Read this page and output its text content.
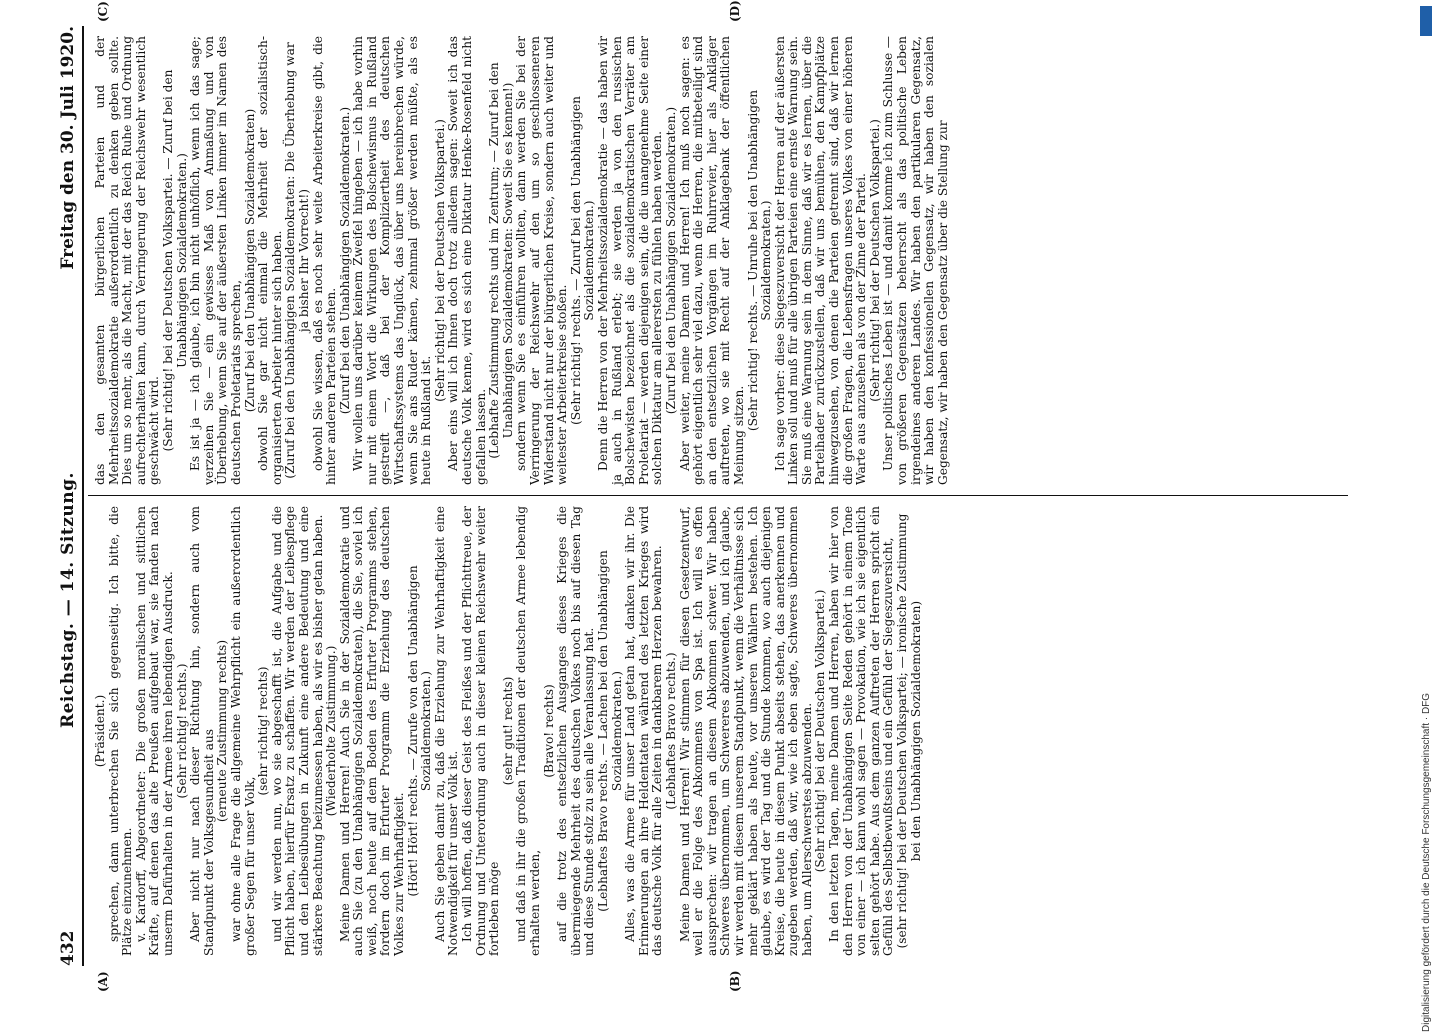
432
Reichstag. — 14. Sitzung.
Freitag den 30. Juli 1920.

(Präsident.) sprechen, dann unterbrechen Sie sich gegenseitig. Ich bitte, die Plätze einzunehmen. v. Kardorff, Abgeordneter: Die großen moralischen und sittlichen Kräfte, auf denen das alte Preußen aufgebaut war, sie fanden nach unserm Dafürhalten in der Armee ihren lebendigen Ausdruck. (Sehr richtig! rechts.) Aber nicht nur nach dieser Richtung hin, sondern auch vom Standpunkt der Volksgesundheit aus (erneute Zustimmung rechts) war ohne alle Frage die allgemeine Wehrpflicht ein außerordentlich großer Segen für unser Volk,

(sehr richtig! rechts) und wir werden nun, wo sie abgeschafft ist, die Aufgabe und die Pflicht haben, hierfür Ersatz zu schaffen. Wir werden der Leibespflege und den Leibesübungen in Zukunft eine andere Bedeutung und eine stärkere Beachtung beizumessen haben, als wir es bisher getan haben. (Wiederholte Zustimmung.) Meine Damen und Herren! Auch Sie in der Sozialdemokratie und auch Sie (zu den Unabhängigen Sozialdemokraten), die Sie, soviel ich weiß, noch heute auf dem Boden des Erfurter Programms stehen, fordern doch im Erfurter Programm die Erziehung des deutschen Volkes zur Wehrhaftigkeit. (Hört! Hört! rechts. — Zurufe von den Unabhängigen Sozialdemokraten.) Auch Sie geben damit zu, daß die Erziehung zur Wehrhaftigkeit eine Notwendigkeit für unser Volk ist. Ich will hoffen, daß dieser Geist des Fleißes und der Pflichttreue, der Ordnung und Unterordnung auch in dieser kleinen Reichswehr weiter fortleben möge

(sehr gut! rechts) und daß in ihr die großen Traditionen der deutschen Armee lebendig erhalten werden,

(Bravo! rechts) auf die trotz des entsetzlichen Ausganges dieses Krieges die übermiegende Mehrheit des deutschen Volkes noch bis auf diesen Tag und diese Stunde stolz zu sein alle Veranlassung hat. (Lebhaftes Bravo rechts. — Lachen bei den Unabhängigen Sozialdemokraten.) Alles, was die Armee für unser Land getan hat, danken wir ihr. Die Erinnerungen an ihre Heldentaten während des letzten Krieges wird das deutsche Volk für alle Zeiten in dankbarem Herzen bewahren. (Lebhaftes Bravo rechts.) Meine Damen und Herren! Wir stimmen für diesen Gesetzentwurf, weil er die Folge des Abkommens von Spa ist. Ich will es offen aussprechen: wir tragen an diesem Abkommen schwer. Wir haben Schweres übernommen, um Schwereres abzuwenden, und ich glaube, wir werden mit diesem unserem Standpunkt, wenn die Verhältnisse sich mehr geklärt haben als heute, vor unseren Wählern bestehen. Ich glaube, es wird der Tag und die Stunde kommen, wo auch diejenigen Kreise, die heute in diesem Punkt abseits stehen, das anerkennen und zugeben werden, daß wir, wie ich eben sagte, Schweres übernommen haben, um Allerschwerstes abzuwenden. (Sehr richtig! bei der Deutschen Volkspartei.) In den letzten Tagen, meine Damen und Herren, haben wir hier von den Herren von der Unabhängigen Seite Reden gehört in einem Tone von einer — ich kann wohl sagen — Provokation, wie ich sie eigentlich selten gehört habe. Aus dem ganzen Auftreten der Herren spricht ein Gefühl des Selbstbewußtseins und ein Gefühl der Siegeszuversicht, (sehr richtig! bei der Deutschen Volkspartei; — ironische Zustimmung bei den Unabhängigen Sozialdemokraten)

das den gesamten bürgerlichen Parteien und der Mehrheitssozialdemokratie außerordentlich zu denken geben sollte. Dies um so mehr, als die Macht, mit der das Reich Ruhe und Ordnung aufrechterhalten kann, durch Verringerung der Reichswehr wesentlich geschwächt wird. (Sehr richtig! bei der Deutschen Volkspartei. — Zuruf bei den Unabhängigen Sozialdemokraten.) Es ist ja — ich glaube, ich bin nicht unhöflich, wenn ich das sage; verzeihen Sie — ein gewisses Maß von Anmaßung und von Überhebung, wenn Sie auf der äußersten Linken immer im Namen des deutschen Proletariats sprechen, (Zuruf bei den Unabhängigen Sozialdemokraten) obwohl Sie gar nicht einmal die Mehrheit der sozialistisch-organisierten Arbeiter hinter sich haben. (Zuruf bei den Unabhängigen Sozialdemokraten: Die Überhebung war ja bisher Ihr Vorrecht!) obwohl Sie wissen, daß es noch sehr weite Arbeiterkreise gibt, die hinter anderen Parteien stehen. (Zuruf bei den Unabhängigen Sozialdemokraten.) Wir wollen uns darüber keinem Zweifel hingeben — ich habe vorhin nur mit einem Wort die Wirkungen des Bolschewismus in Rußland gestreift —, daß bei der Kompliziertheit des deutschen Wirtschaftssystems das Unglück, das über uns hereinbrechen würde, wenn Sie ans Ruder kämen, zehnmal größer werden müßte, als es heute in Rußland ist.

(Sehr richtig! bei der Deutschen Volkspartei.) Aber eins will ich Ihnen doch trotz alledem sagen: Soweit ich das deutsche Volk kenne, wird es sich eine Diktatur Henke-Rosenfeld nicht gefallen lassen. (Lebhafte Zustimmung rechts und im Zentrum; — Zuruf bei den Unabhängigen Sozialdemokraten: Soweit Sie es kennen!) sondern wenn Sie es einführen wollten, dann werden Sie bei der Verringerung der Reichswehr auf den um so geschlosseneren Widerstand nicht nur der bürgerlichen Kreise, sondern auch weiter und weitester Arbeiterkreise stoßen. (Sehr richtig! rechts. — Zuruf bei den Unabhängigen Sozialdemokraten.) Denn die Herren von der Mehrheitssozialdemokratie — das haben wir ja auch in Rußland erlebt; sie werden ja von den russischen Bolschewisten bezeichnet als die sozialdemokratischen Verräter am Proletariat — werden diejenigen sein, die die unangenehme Seite einer solchen Diktatur am allerersten zu fühlen haben werden. (Zuruf bei den Unabhängigen Sozialdemokraten.) Aber weiter, meine Damen und Herren! Ich muß noch sagen: es gehört eigentlich sehr viel dazu, wenn die Herren, die mitbeteiligt sind an den entsetzlichen Vorgängen im Ruhrrevier, hier als Ankläger auftreten, wo sie mit Recht auf der Anklagebank der öffentlichen Meinung sitzen.

(Sehr richtig! rechts. — Unruhe bei den Unabhängigen Sozialdemokraten.) Ich sage vorher: diese Siegeszuversicht der Herren auf der äußersten Linken soll und muß für alle übrigen Parteien eine ernste Warnung sein. Sie muß eine Warnung sein in dem Sinne, daß wir es lernen, über die Parteihader zurückzustellen, daß wir uns bemühen, den Kampfplätze hinwegzusehen, von denen die Parteien getrennt sind, daß wir lernen die großen Fragen, die Lebensfragen unseres Volkes von einer höheren Warte aus anzusehen als von der Zinne der Partei. (Sehr richtig! bei der Deutschen Volkspartei.) Unser politisches Leben ist — und damit komme ich zum Schlusse — von größeren Gegensätzen beherrscht als das politische Leben irgendeines anderen Landes. Wir haben den partikularen Gegensatz, wir haben den konfessionellen Gegensatz, wir haben den sozialen Gegensatz, wir haben den Gegensatz über die Stellung zur

(A)	(B)
(C)	(D)
Digitalisierung gefördert durch die Deutsche Forschungsgemeinschaft · DFG
